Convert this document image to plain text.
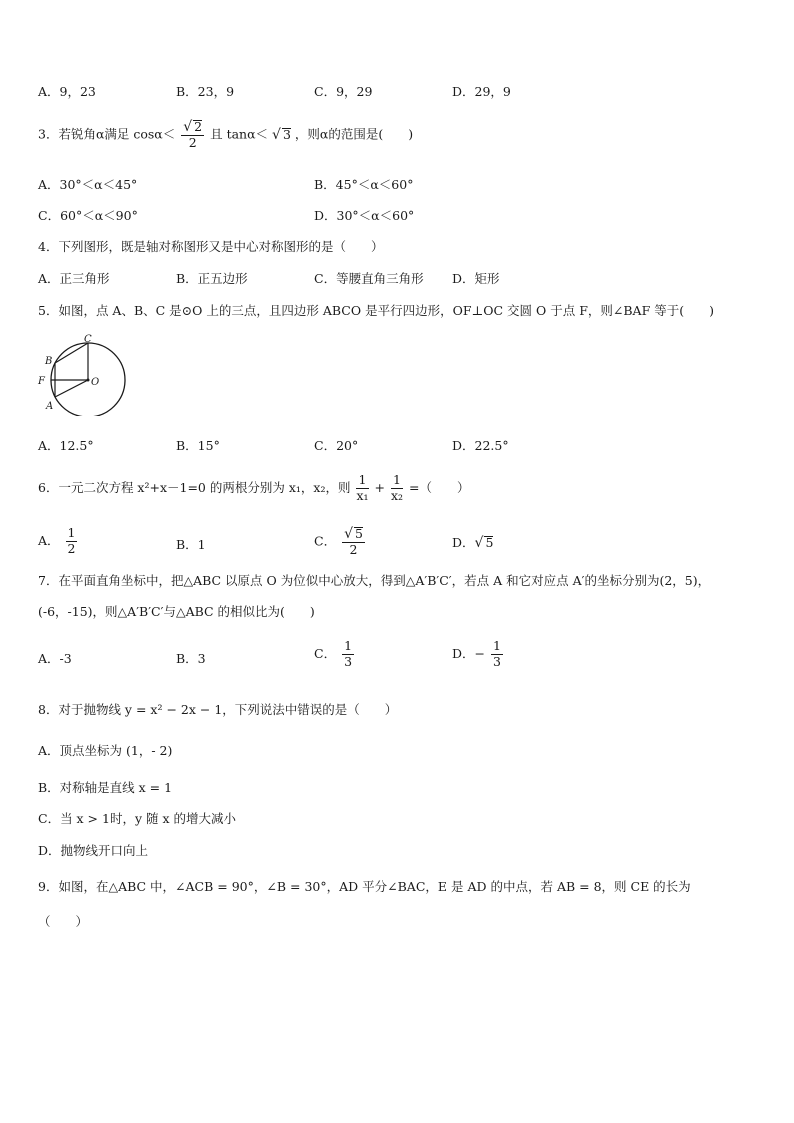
A．9，23	B．23，9	C．9，29	D．29，9
3．若锐角α满足 $\cos\alpha< \frac{√ 2}{2}$ 且 tanα＜ √ 3 ，则α的范围是(　　)
A．30°＜α＜45°	B．45°＜α＜60°
C．60°＜α＜90°	D．30°＜α＜60°
4．下列图形，既是轴对称图形又是中心对称图形的是（　　）
A．正三角形	B．正五边形	C．等腰直角三角形 D．矩形
5．如图，点 A、B、C 是⊙O 上的三点，且四边形 ABCO 是平行四边形，OF⊥OC 交圆 O 于点 F，则∠BAF 等于(　　)
C
B
F	O
A
A．12.5°	B．15°	C．20°	D．22.5°
6．一元二次方程 x²+x－1=0 的两根分别为 x₁，x₂，则 $\frac{1}{\text{x₁}} + \frac{1}{\text{x₂}}$ =（　　）
A． $\frac{1}{2}$	B．1	C． $\frac{√ 5}{2}$	D．√ 5
7．在平面直角坐标中，把△ABC 以原点 O 为位似中心放大，得到△A′B′C′，若点 A 和它对应点 A′的坐标分别为(2，5)，
(-6，-15)，则△A′B′C′与△ABC 的相似比为(　　)
A．-3	B．3	C． $\frac{1}{3}$	D．− $\frac{1}{3}$
8．对于抛物线 y = x² − 2x − 1，下列说法中错误的是（　　）
A．顶点坐标为 (1，- 2)
B．对称轴是直线 x = 1
C．当 x > 1时，y 随 x 的增大减小
D．抛物线开口向上
9．如图，在△ABC 中，∠ACB = 90°，∠B = 30°，AD 平分∠BAC，E 是 AD 的中点，若 AB = 8，则 CE 的长为
（　　）
